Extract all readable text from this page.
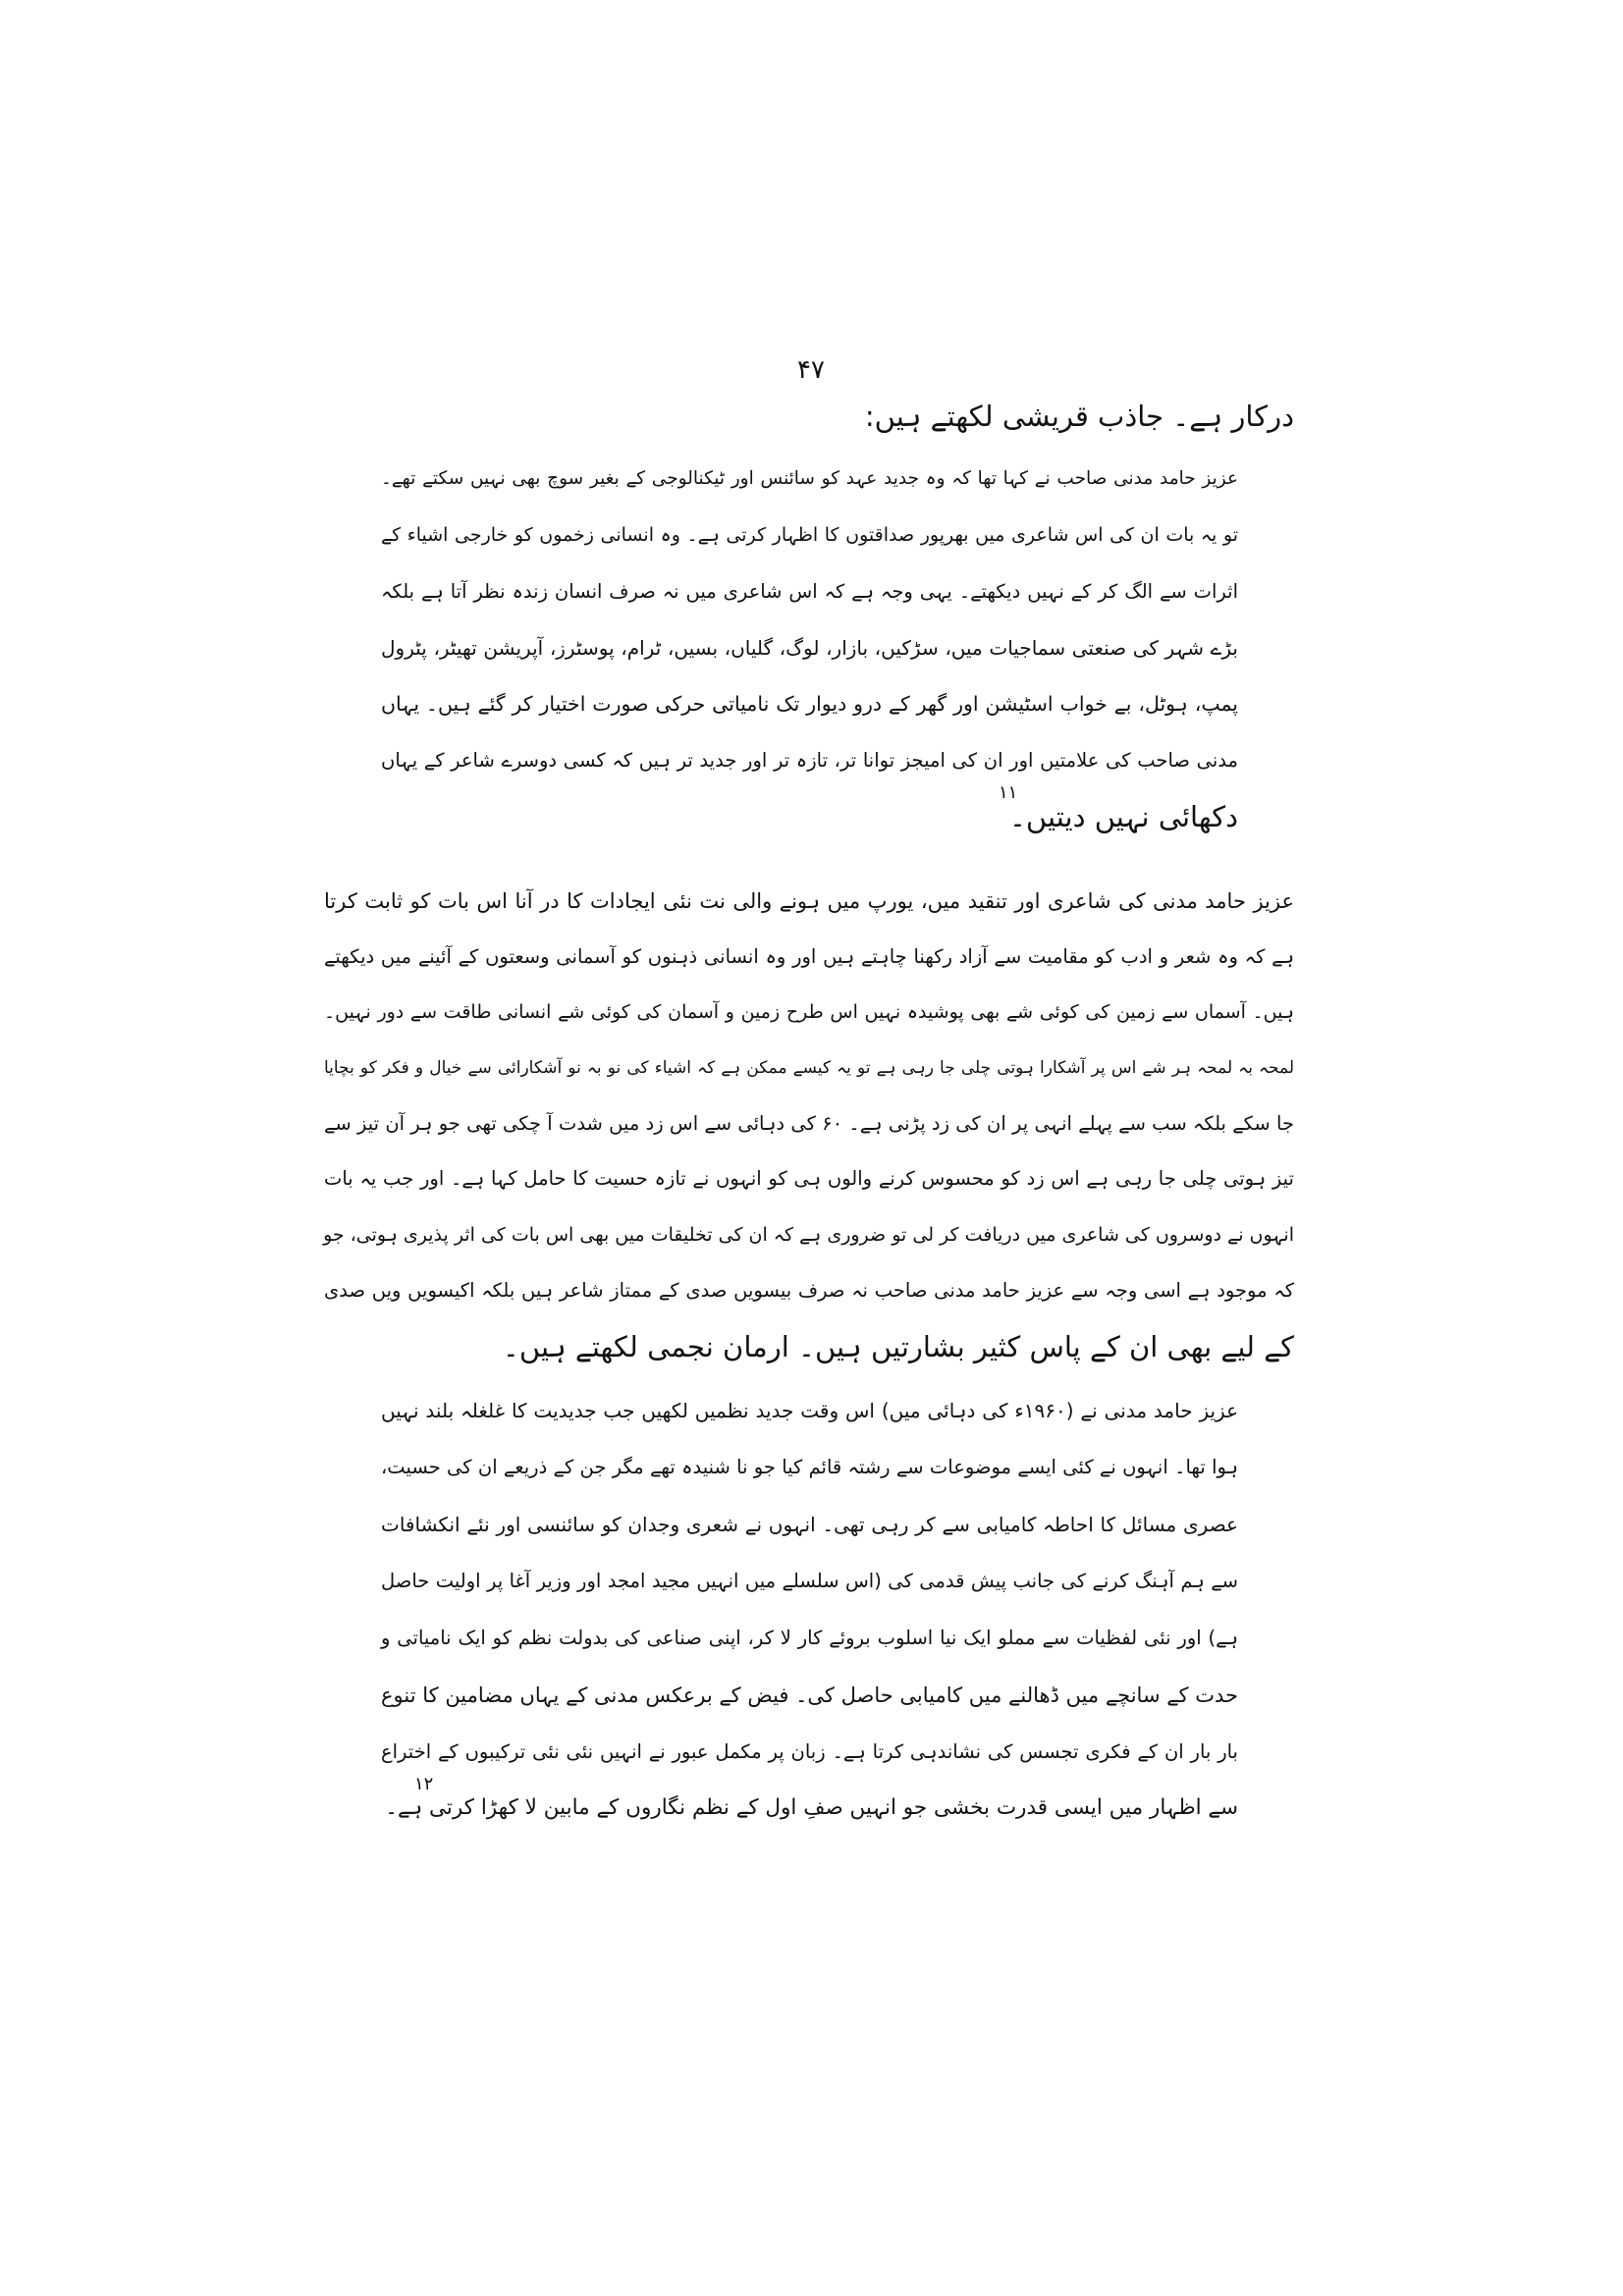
۴۷
درکار ہے۔ جاذب قریشی لکھتے ہیں:
عزیز حامد مدنی صاحب نے کہا تھا کہ وہ جدید عہد کو سائنس اور ٹیکنالوجی کے بغیر سوچ بھی نہیں سکتے تھے۔
تو یہ بات ان کی اس شاعری میں بھرپور صداقتوں کا اظہار کرتی ہے۔ وہ انسانی زخموں کو خارجی اشیاء کے
اثرات سے الگ کر کے نہیں دیکھتے۔ یہی وجہ ہے کہ اس شاعری میں نہ صرف انسان زندہ نظر آتا ہے بلکہ
بڑے شہر کی صنعتی سماجیات میں، سڑکیں، بازار، لوگ، گلیاں، بسیں، ٹرام، پوسٹرز، آپریشن تھیٹر، پٹرول
پمپ، ہوٹل، بے خواب اسٹیشن اور گھر کے درو دیوار تک نامیاتی حرکی صورت اختیار کر گئے ہیں۔ یہاں
مدنی صاحب کی علامتیں اور ان کی امیجز توانا تر، تازہ تر اور جدید تر ہیں کہ کسی دوسرے شاعر کے یہاں
دکھائی نہیں دیتیں۔
۱۱
عزیز حامد مدنی کی شاعری اور تنقید میں، یورپ میں ہونے والی نت نئی ایجادات کا در آنا اس بات کو ثابت کرتا
ہے کہ وہ شعر و ادب کو مقامیت سے آزاد رکھنا چاہتے ہیں اور وہ انسانی ذہنوں کو آسمانی وسعتوں کے آئینے میں دیکھتے
ہیں۔ آسماں سے زمین کی کوئی شے بھی پوشیدہ نہیں اس طرح زمین و آسمان کی کوئی شے انسانی طاقت سے دور نہیں۔
لمحہ بہ لمحہ ہر شے اس پر آشکارا ہوتی چلی جا رہی ہے تو یہ کیسے ممکن ہے کہ اشیاء کی نو بہ نو آشکارائی سے خیال و فکر کو بچایا
جا سکے بلکہ سب سے پہلے انہی پر ان کی زد پڑنی ہے۔ ۶۰ کی دہائی سے اس زد میں شدت آ چکی تھی جو ہر آن تیز سے
تیز ہوتی چلی جا رہی ہے اس زد کو محسوس کرنے والوں ہی کو انہوں نے تازہ حسیت کا حامل کہا ہے۔ اور جب یہ بات
انہوں نے دوسروں کی شاعری میں دریافت کر لی تو ضروری ہے کہ ان کی تخلیقات میں بھی اس بات کی اثر پذیری ہوتی، جو
کہ موجود ہے اسی وجہ سے عزیز حامد مدنی صاحب نہ صرف بیسویں صدی کے ممتاز شاعر ہیں بلکہ اکیسویں ویں صدی
کے لیے بھی ان کے پاس کثیر بشارتیں ہیں۔ ارمان نجمی لکھتے ہیں۔
عزیز حامد مدنی نے (۱۹۶۰ء کی دہائی میں) اس وقت جدید نظمیں لکھیں جب جدیدیت کا غلغلہ بلند نہیں
ہوا تھا۔ انہوں نے کئی ایسے موضوعات سے رشتہ قائم کیا جو نا شنیدہ تھے مگر جن کے ذریعے ان کی حسیت،
عصری مسائل کا احاطہ کامیابی سے کر رہی تھی۔ انہوں نے شعری وجدان کو سائنسی اور نئے انکشافات
سے ہم آہنگ کرنے کی جانب پیش قدمی کی (اس سلسلے میں انہیں مجید امجد اور وزیر آغا پر اولیت حاصل
ہے) اور نئی لفظیات سے مملو ایک نیا اسلوب بروئے کار لا کر، اپنی صناعی کی بدولت نظم کو ایک نامیاتی و
حدت کے سانچے میں ڈھالنے میں کامیابی حاصل کی۔ فیض کے برعکس مدنی کے یہاں مضامین کا تنوع
بار بار ان کے فکری تجسس کی نشاندہی کرتا ہے۔ زبان پر مکمل عبور نے انہیں نئی نئی ترکیبوں کے اختراع
سے اظہار میں ایسی قدرت بخشی جو انہیں صفِ اول کے نظم نگاروں کے مابین لا کھڑا کرتی ہے۔
۱۲
